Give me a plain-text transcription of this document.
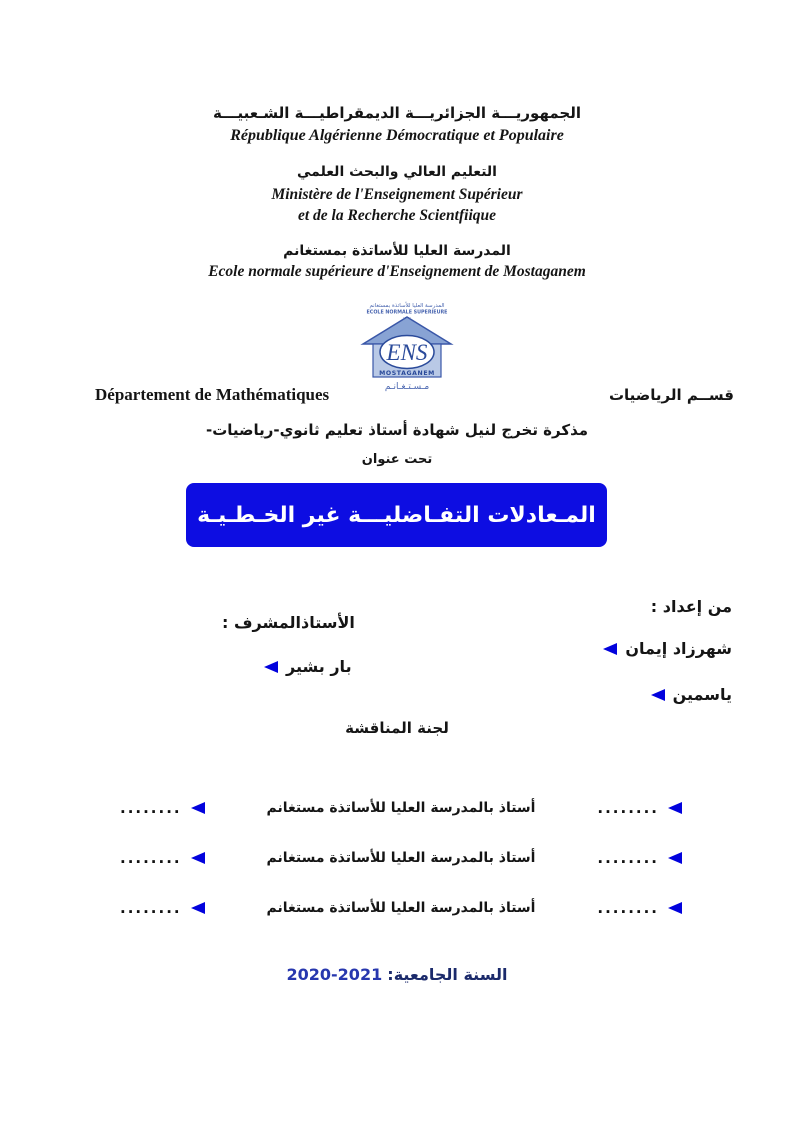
الجمهوريـــة الجزائريـــة الديمقراطيـــة الشـعبيـــة
République Algérienne Démocratique et Populaire
التعليم العالي والبحث العلمي
Ministère de l'Enseignement Supérieur
et de la Recherche Scientfiique
المدرسة العليا للأساتذة بمستغانم
Ecole normale supérieure d'Enseignement de Mostaganem
المدرسة العليا للأساتذة بمستغانم
ECOLE NORMALE SUPERIEURE
ENS
MOSTAGANEM
مـسـتـغـانـم
Département de Mathématiques	قســم الرياضيات
مذكرة تخرج لنيل شهادة أستاذ تعليم ثانوي-رياضيات-
تحت عنوان
المـعادلات التفـاضليـــة غير الخـطـيـة
من إعداد :
شهرزاد إيمان
ياسمين
الأستاذالمشرف :
بار بشير
لجنة المناقشة
........	أستاذ بالمدرسة العليا للأساتذة مستغانم	........
........	أستاذ بالمدرسة العليا للأساتذة مستغانم	........
........	أستاذ بالمدرسة العليا للأساتذة مستغانم	........
السنة الجامعية: 2021-2020
